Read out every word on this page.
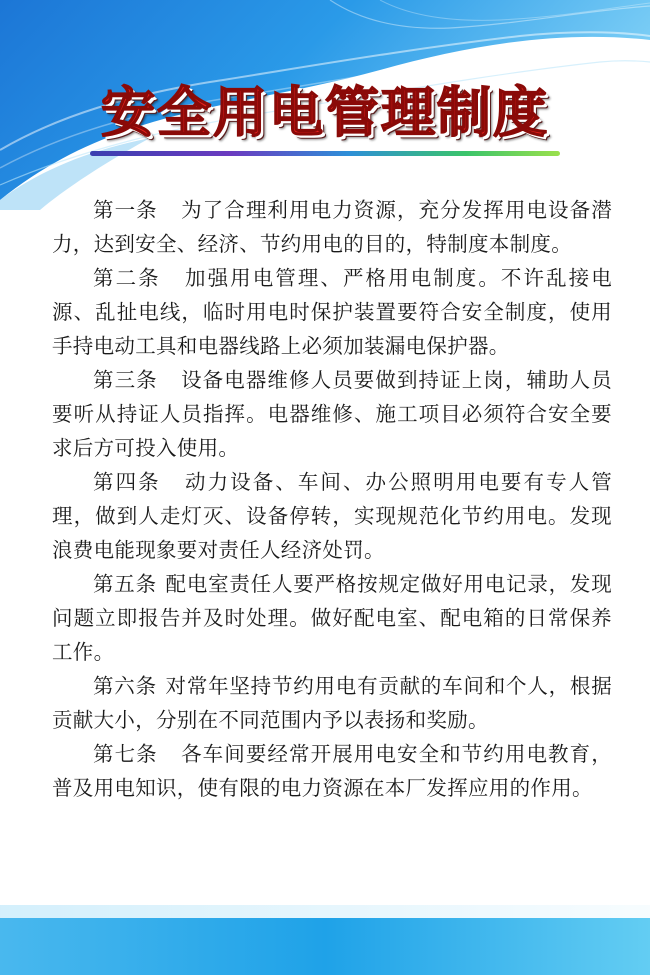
安全用电管理制度

第一条 为了合理利用电力资源，充分发挥用电设备潜力，达到安全、经济、节约用电的目的，特制度本制度。

第二条 加强用电管理、严格用电制度。不许乱接电源、乱扯电线，临时用电时保护装置要符合安全制度，使用手持电动工具和电器线路上必须加装漏电保护器。

第三条 设备电器维修人员要做到持证上岗，辅助人员要听从持证人员指挥。电器维修、施工项目必须符合安全要求后方可投入使用。

第四条 动力设备、车间、办公照明用电要有专人管理，做到人走灯灭、设备停转，实现规范化节约用电。发现浪费电能现象要对责任人经济处罚。

第五条 配电室责任人要严格按规定做好用电记录，发现问题立即报告并及时处理。做好配电室、配电箱的日常保养工作。

第六条 对常年坚持节约用电有贡献的车间和个人，根据贡献大小，分别在不同范围内予以表扬和奖励。

第七条 各车间要经常开展用电安全和节约用电教育，普及用电知识，使有限的电力资源在本厂发挥应用的作用。
